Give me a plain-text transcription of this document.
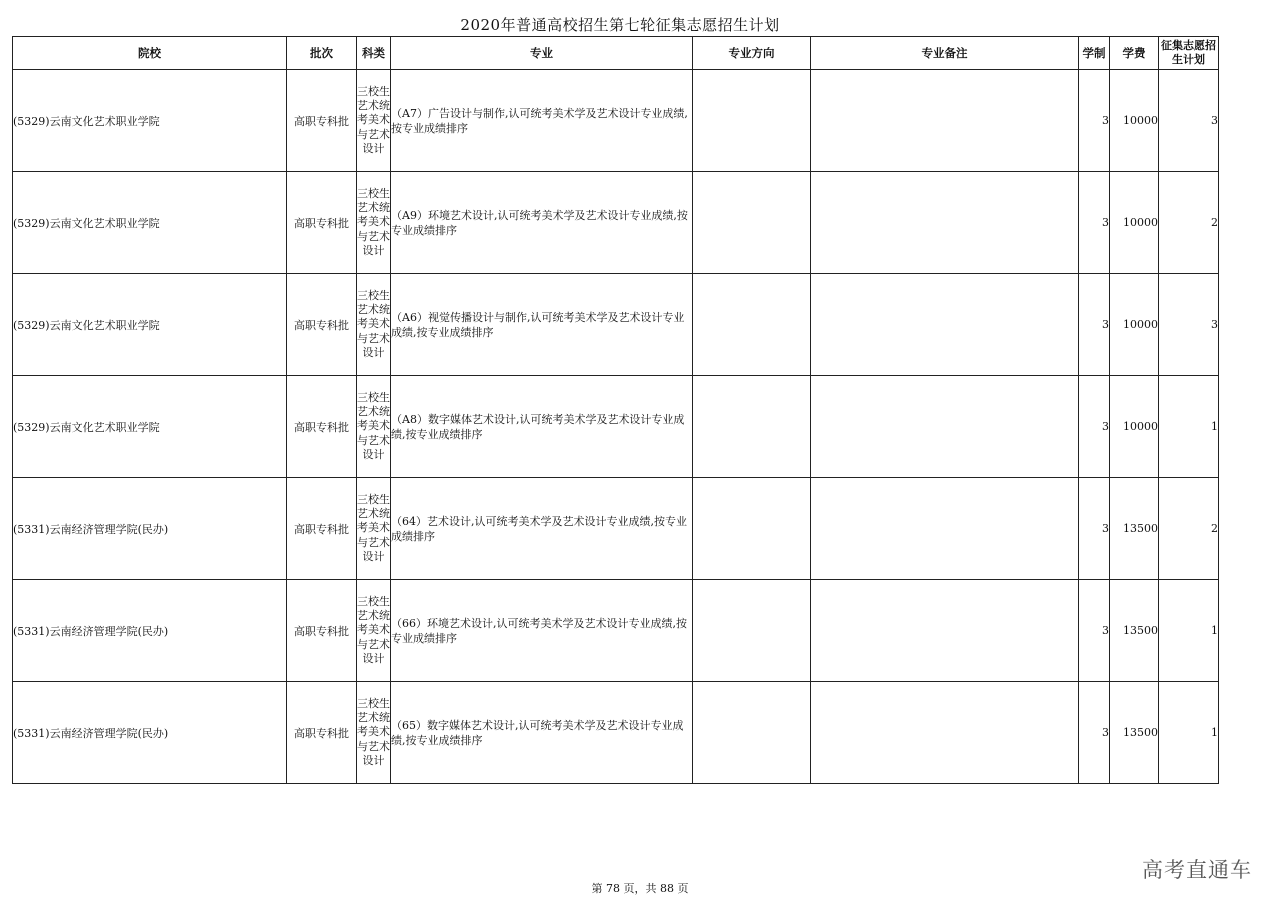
2020年普通高校招生第七轮征集志愿招生计划
院校	批次	科类	专业	专业方向	专业备注	学制	学费	征集志愿招生计划
(5329)云南文化艺术职业学院	高职专科批	三校生艺术统考美术与艺术设计	（A7）广告设计与制作,认可统考美术学及艺术设计专业成绩,按专业成绩排序			3	10000	3
(5329)云南文化艺术职业学院	高职专科批	三校生艺术统考美术与艺术设计	（A9）环境艺术设计,认可统考美术学及艺术设计专业成绩,按专业成绩排序			3	10000	2
(5329)云南文化艺术职业学院	高职专科批	三校生艺术统考美术与艺术设计	（A6）视觉传播设计与制作,认可统考美术学及艺术设计专业成绩,按专业成绩排序			3	10000	3
(5329)云南文化艺术职业学院	高职专科批	三校生艺术统考美术与艺术设计	（A8）数字媒体艺术设计,认可统考美术学及艺术设计专业成绩,按专业成绩排序			3	10000	1
(5331)云南经济管理学院(民办)	高职专科批	三校生艺术统考美术与艺术设计	（64）艺术设计,认可统考美术学及艺术设计专业成绩,按专业成绩排序			3	13500	2
(5331)云南经济管理学院(民办)	高职专科批	三校生艺术统考美术与艺术设计	（66）环境艺术设计,认可统考美术学及艺术设计专业成绩,按专业成绩排序			3	13500	1
(5331)云南经济管理学院(民办)	高职专科批	三校生艺术统考美术与艺术设计	（65）数字媒体艺术设计,认可统考美术学及艺术设计专业成绩,按专业成绩排序			3	13500	1
第 78 页，共 88 页
高考直通车
